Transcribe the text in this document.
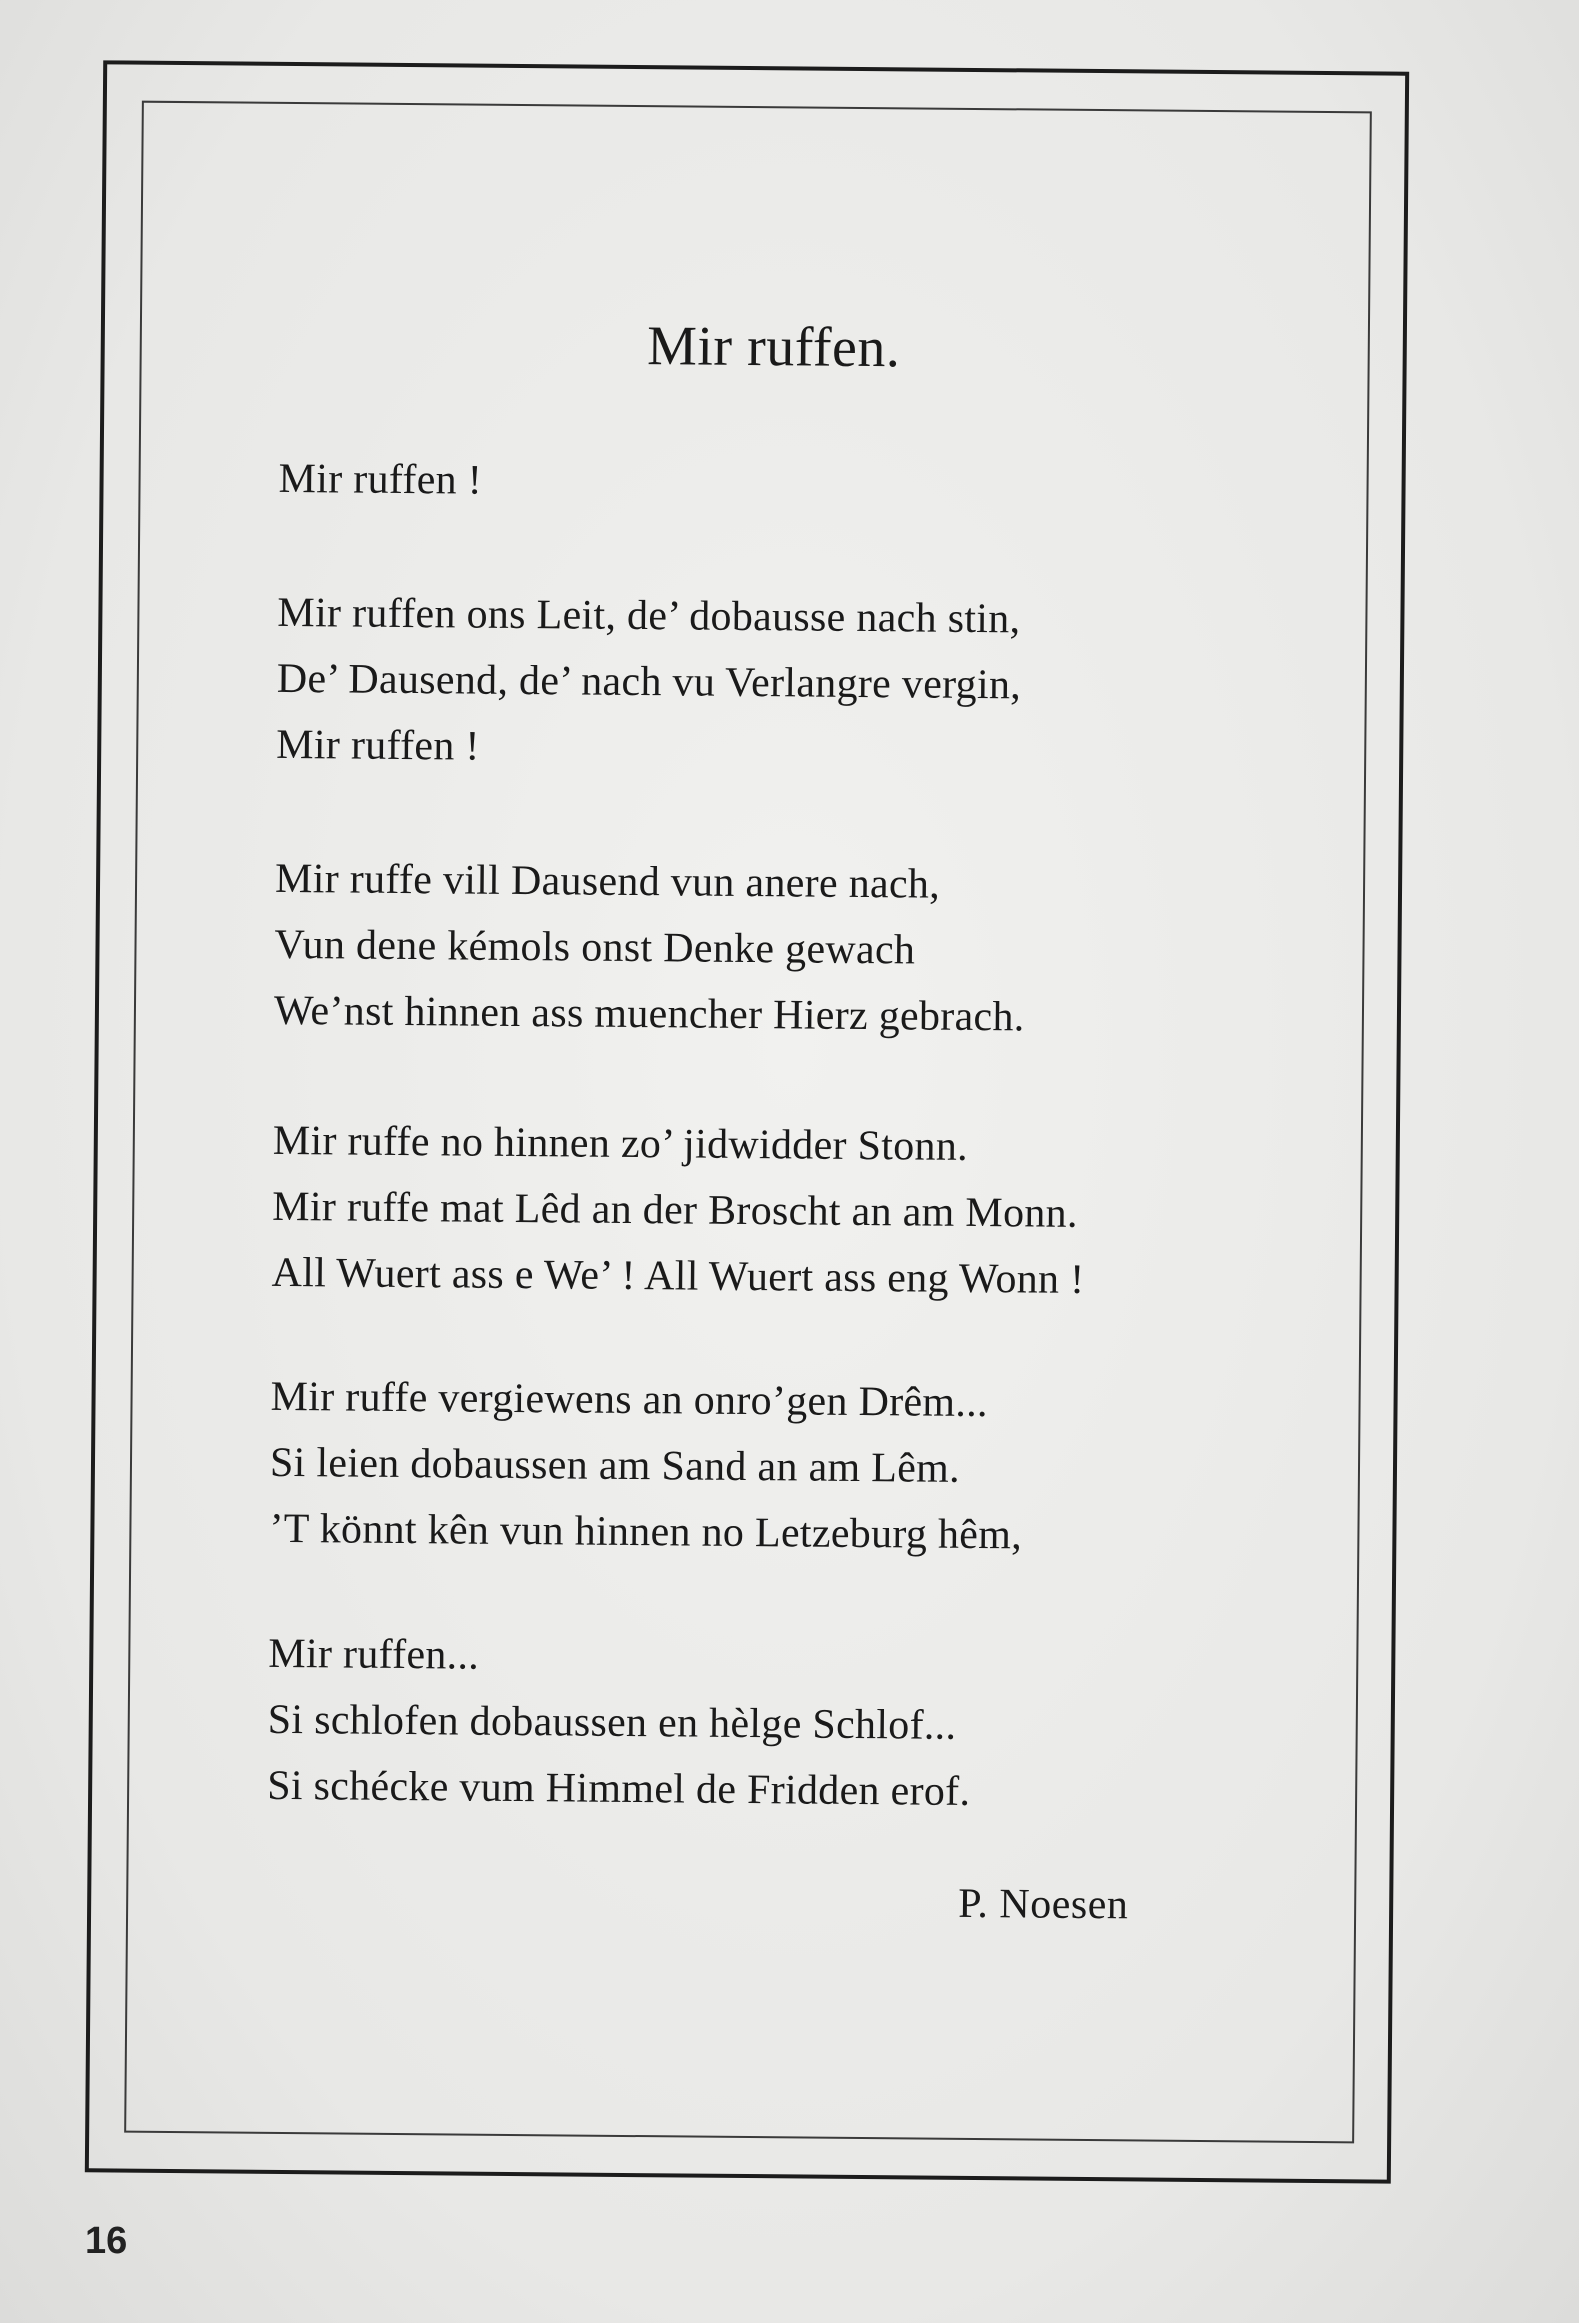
Mir ruffen.
Mir ruffen !
Mir ruffen ons Leit, de’ dobausse nach stin,
De’ Dausend, de’ nach vu Verlangre vergin,
Mir ruffen !
Mir ruffe vill Dausend vun anere nach,
Vun dene kémols onst Denke gewach
We’nst hinnen ass muencher Hierz gebrach.
Mir ruffe no hinnen zo’ jidwidder Stonn.
Mir ruffe mat Lêd an der Broscht an am Monn.
All Wuert ass e We’ ! All Wuert ass eng Wonn !
Mir ruffe vergiewens an onro’gen Drêm...
Si leien dobaussen am Sand an am Lêm.
’T könnt kên vun hinnen no Letzeburg hêm,
Mir ruffen...
Si schlofen dobaussen en hèlge Schlof...
Si schécke vum Himmel de Fridden erof.
P. Noesen
16
